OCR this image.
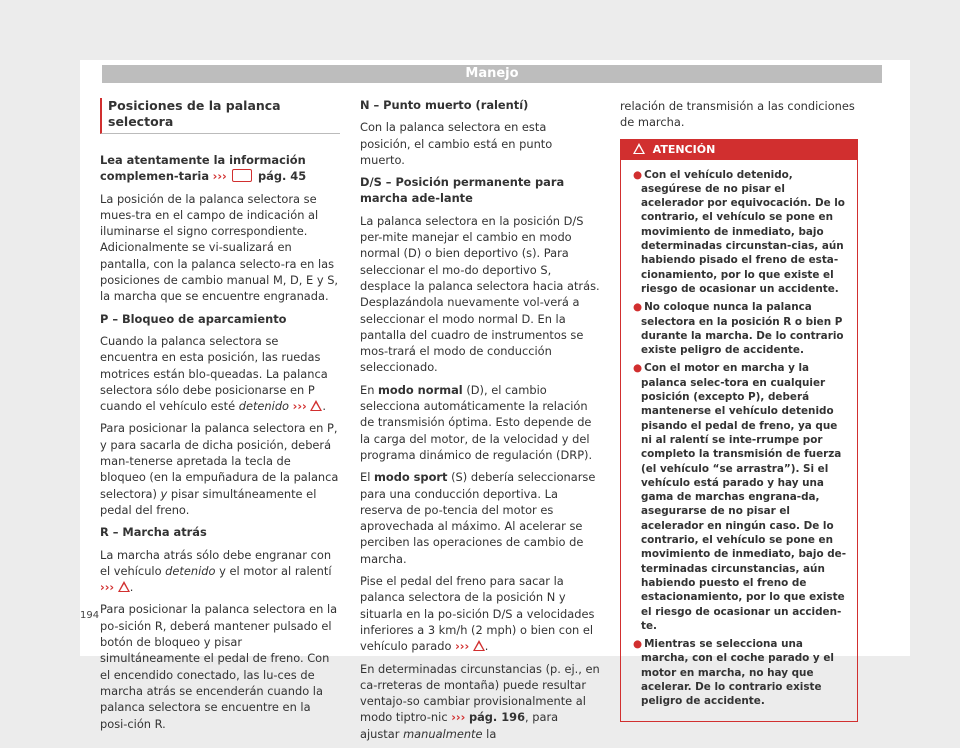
Manejo
Posiciones de la palanca selectora

Lea atentamente la información complemen-taria ›››	pág. 45

La posición de la palanca selectora se mues-tra en el campo de indicación al iluminarse el signo correspondiente. Adicionalmente se vi-sualizará en pantalla, con la palanca selecto-ra en las posiciones de cambio manual M, D, E y S, la marcha que se encuentre engranada.

P – Bloqueo de aparcamiento

Cuando la palanca selectora se encuentra en esta posición, las ruedas motrices están blo-queadas. La palanca selectora sólo debe posicionarse en P cuando el vehículo esté detenido ››› .

Para posicionar la palanca selectora en P, y para sacarla de dicha posición, deberá man-tenerse apretada la tecla de bloqueo (en la empuñadura de la palanca selectora) y pisar simultáneamente el pedal del freno.

R – Marcha atrás

La marcha atrás sólo debe engranar con el vehículo detenido y el motor al ralentí ››› .

Para posicionar la palanca selectora en la po-sición R, deberá mantener pulsado el botón de bloqueo y pisar simultáneamente el pedal de freno. Con el encendido conectado, las lu-ces de marcha atrás se encenderán cuando la palanca selectora se encuentre en la posi-ción R.

N – Punto muerto (ralentí)

Con la palanca selectora en esta posición, el cambio está en punto muerto.

D/S – Posición permanente para marcha ade-lante

La palanca selectora en la posición D/S per-mite manejar el cambio en modo normal (D) o bien deportivo (s). Para seleccionar el mo-do deportivo S, desplace la palanca selectora hacia atrás. Desplazándola nuevamente vol-verá a seleccionar el modo normal D. En la pantalla del cuadro de instrumentos se mos-trará el modo de conducción seleccionado.

En modo normal (D), el cambio selecciona automáticamente la relación de transmisión óptima. Esto depende de la carga del motor, de la velocidad y del programa dinámico de regulación (DRP).

El modo sport (S) debería seleccionarse para una conducción deportiva. La reserva de po-tencia del motor es aprovechada al máximo. Al acelerar se perciben las operaciones de cambio de marcha.

Pise el pedal del freno para sacar la palanca selectora de la posición N y situarla en la po-sición D/S a velocidades inferiores a 3 km/h (2 mph) o bien con el vehículo parado ››› .

En determinadas circunstancias (p. ej., en ca-rreteras de montaña) puede resultar ventajo-so cambiar provisionalmente al modo tiptro-nic ››› pág. 196, para ajustar manualmente la

relación de transmisión a las condiciones de marcha.

ATENCIÓN
● Con el vehículo detenido, asegúrese de no pisar el acelerador por equivocación. De lo contrario, el vehículo se pone en movimiento de inmediato, bajo determinadas circunstan-cias, aún habiendo pisado el freno de esta-cionamiento, por lo que existe el riesgo de ocasionar un accidente.
● No coloque nunca la palanca selectora en la posición R o bien P durante la marcha. De lo contrario existe peligro de accidente.
● Con el motor en marcha y la palanca selec-tora en cualquier posición (excepto P), deberá mantenerse el vehículo detenido pisando el pedal de freno, ya que ni al ralentí se inte-rrumpe por completo la transmisión de fuerza (el vehículo “se arrastra”). Si el vehículo está parado y hay una gama de marchas engrana-da, asegurarse de no pisar el acelerador en ningún caso. De lo contrario, el vehículo se pone en movimiento de inmediato, bajo de-terminadas circunstancias, aún habiendo puesto el freno de estacionamiento, por lo que existe el riesgo de ocasionar un acciden-te.
● Mientras se selecciona una marcha, con el coche parado y el motor en marcha, no hay que acelerar. De lo contrario existe peligro de accidente.
194
